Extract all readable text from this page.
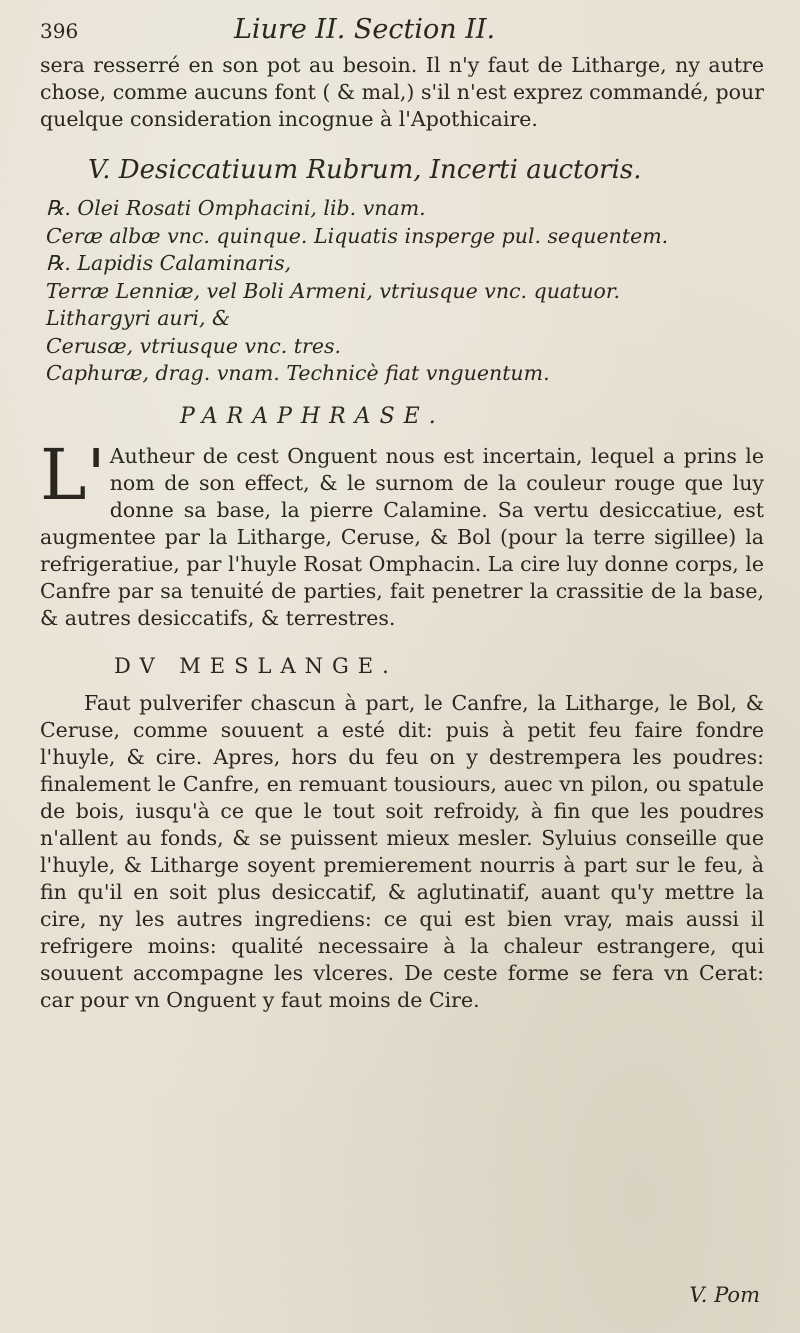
396	Liure II. Section II.

sera resserré en son pot au besoin. Il n'y faut de Litharge, ny autre chose, comme aucuns font ( & mal,) s'il n'est exprez commandé, pour quelque consideration incognue à l'Apothicaire.

V. Desiccatiuum Rubrum, Incerti auctoris.
℞. Olei Rosati Omphacini, lib. vnam.
Ceræ albæ vnc. quinque. Liquatis insperge pul. sequentem.
℞. Lapidis Calaminaris,
Terræ Lenniæ, vel Boli Armeni, vtriusque vnc. quatuor.
Lithargyri auri, &
Cerusæ, vtriusque vnc. tres.
Caphuræ, drag. vnam. Technicè fiat vnguentum.
PARAPHRASE.

L'Autheur de cest Onguent nous est incertain, lequel a prins le nom de son effect, & le surnom de la couleur rouge que luy donne sa base, la pierre Calamine. Sa vertu desiccatiue, est augmentee par la Litharge, Ceruse, & Bol (pour la terre sigillee) la refrigeratiue, par l'huyle Rosat Omphacin. La cire luy donne corps, le Canfre par sa tenuité de parties, fait penetrer la crassitie de la base, & autres desiccatifs, & terrestres.

DV MESLANGE.

Faut pulverifer chascun à part, le Canfre, la Litharge, le Bol, & Ceruse, comme souuent a esté dit: puis à petit feu faire fondre l'huyle, & cire. Apres, hors du feu on y destrempera les poudres: finalement le Canfre, en remuant tousiours, auec vn pilon, ou spatule de bois, iusqu'à ce que le tout soit refroidy, à fin que les poudres n'allent au fonds, & se puissent mieux mesler. Syluius conseille que l'huyle, & Litharge soyent premierement nourris à part sur le feu, à fin qu'il en soit plus desiccatif, & aglutinatif, auant qu'y mettre la cire, ny les autres ingrediens: ce qui est bien vray, mais aussi il refrigere moins: qualité necessaire à la chaleur estrangere, qui souuent accompagne les vlceres. De ceste forme se fera vn Cerat: car pour vn Onguent y faut moins de Cire.

V. Pom
